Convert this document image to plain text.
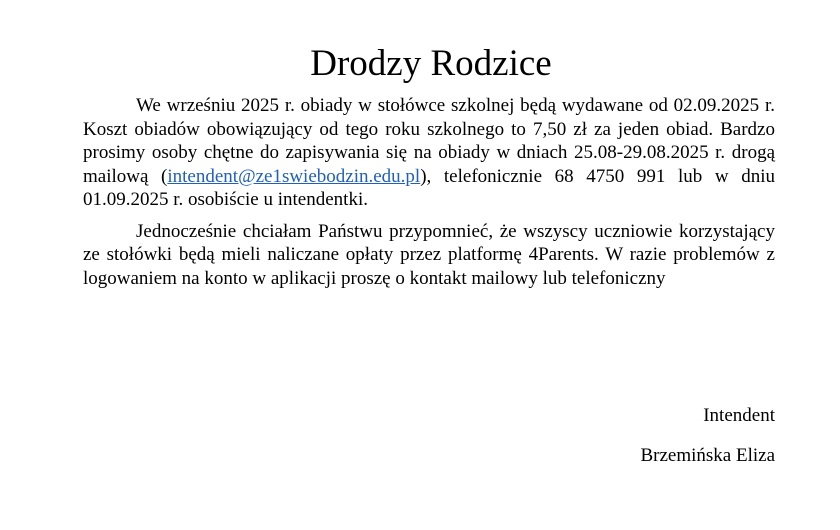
Drodzy Rodzice

We wrześniu 2025 r. obiady w stołówce szkolnej będą wydawane od 02.09.2025 r. Koszt obiadów obowiązujący od tego roku szkolnego to 7,50 zł za jeden obiad. Bardzo prosimy osoby chętne do zapisywania się na obiady w dniach 25.08-29.08.2025 r. drogą mailową (intendent@ze1swiebodzin.edu.pl), telefonicznie 68 4750 991 lub w dniu 01.09.2025 r. osobiście u intendentki.

Jednocześnie chciałam Państwu przypomnieć, że wszyscy uczniowie korzystający ze stołówki będą mieli naliczane opłaty przez platformę 4Parents. W razie problemów z logowaniem na konto w aplikacji proszę o kontakt mailowy lub telefoniczny

Intendent
Brzemińska Eliza
